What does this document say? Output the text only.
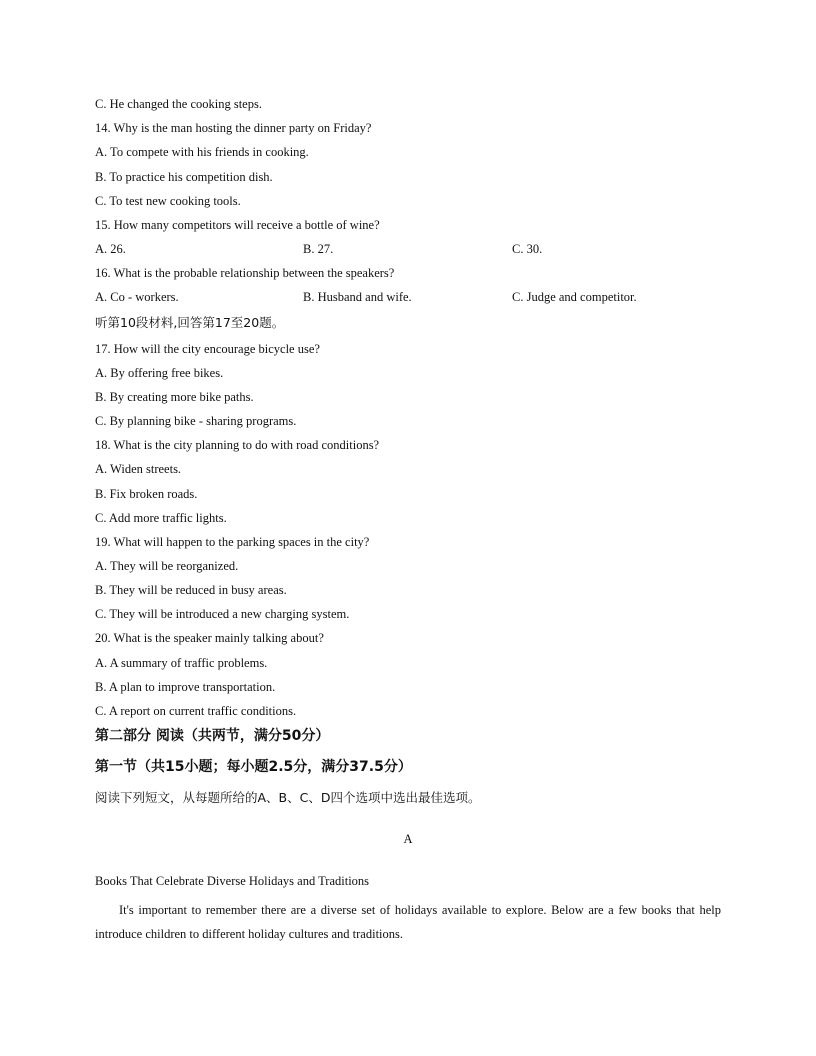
C. He changed the cooking steps.
14. Why is the man hosting the dinner party on Friday?
A. To compete with his friends in cooking.
B. To practice his competition dish.
C. To test new cooking tools.
15. How many competitors will receive a bottle of wine?
A. 26.	B. 27.	C. 30.
16. What is the probable relationship between the speakers?
A. Co - workers.	B. Husband and wife.	C. Judge and competitor.
听第10段材料,回答第17至20题。
17. How will the city encourage bicycle use?
A. By offering free bikes.
B. By creating more bike paths.
C. By planning bike - sharing programs.
18. What is the city planning to do with road conditions?
A. Widen streets.
B. Fix broken roads.
C. Add more traffic lights.
19. What will happen to the parking spaces in the city?
A. They will be reorganized.
B. They will be reduced in busy areas.
C. They will be introduced a new charging system.
20. What is the speaker mainly talking about?
A. A summary of traffic problems.
B. A plan to improve transportation.
C. A report on current traffic conditions.
第二部分 阅读（共两节，满分50分）
第一节（共15小题；每小题2.5分，满分37.5分）
阅读下列短文，从每题所给的A、B、C、D四个选项中选出最佳选项。
A
Books That Celebrate Diverse Holidays and Traditions
It's important to remember there are a diverse set of holidays available to explore. Below are a few books that help introduce children to different holiday cultures and traditions.
